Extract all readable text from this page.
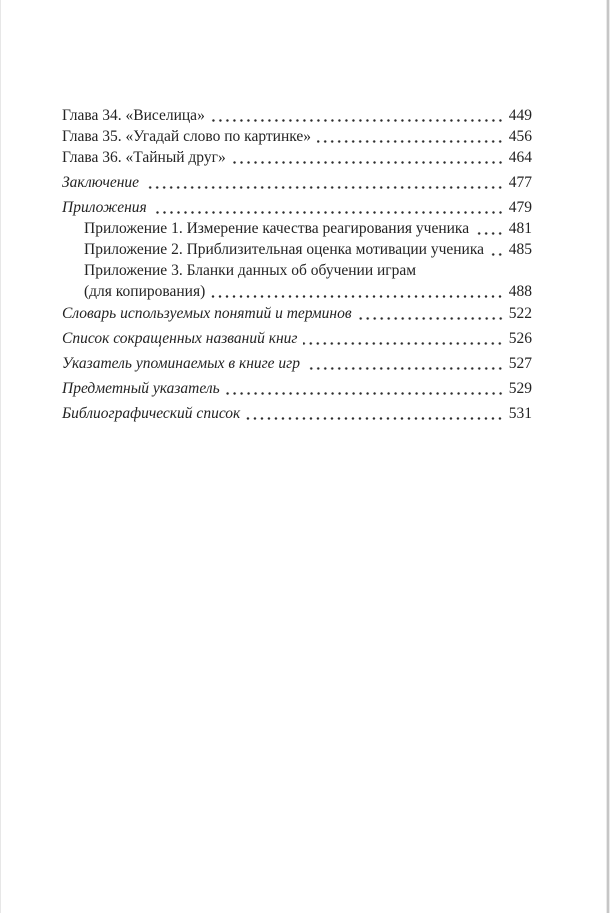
Глава 34. «Виселица»	449
Глава 35. «Угадай слово по картинке»	456
Глава 36. «Тайный друг»	464
Заключение	477
Приложения	479
Приложение 1. Измерение качества реагирования ученика	481
Приложение 2. Приблизительная оценка мотивации ученика 485
Приложение 3. Бланки данных об обучении играм
(для копирования)	488
Словарь используемых понятий и терминов	522
Список сокращенных названий книг	526
Указатель упоминаемых в книге игр	527
Предметный указатель	529
Библиографический список	531
